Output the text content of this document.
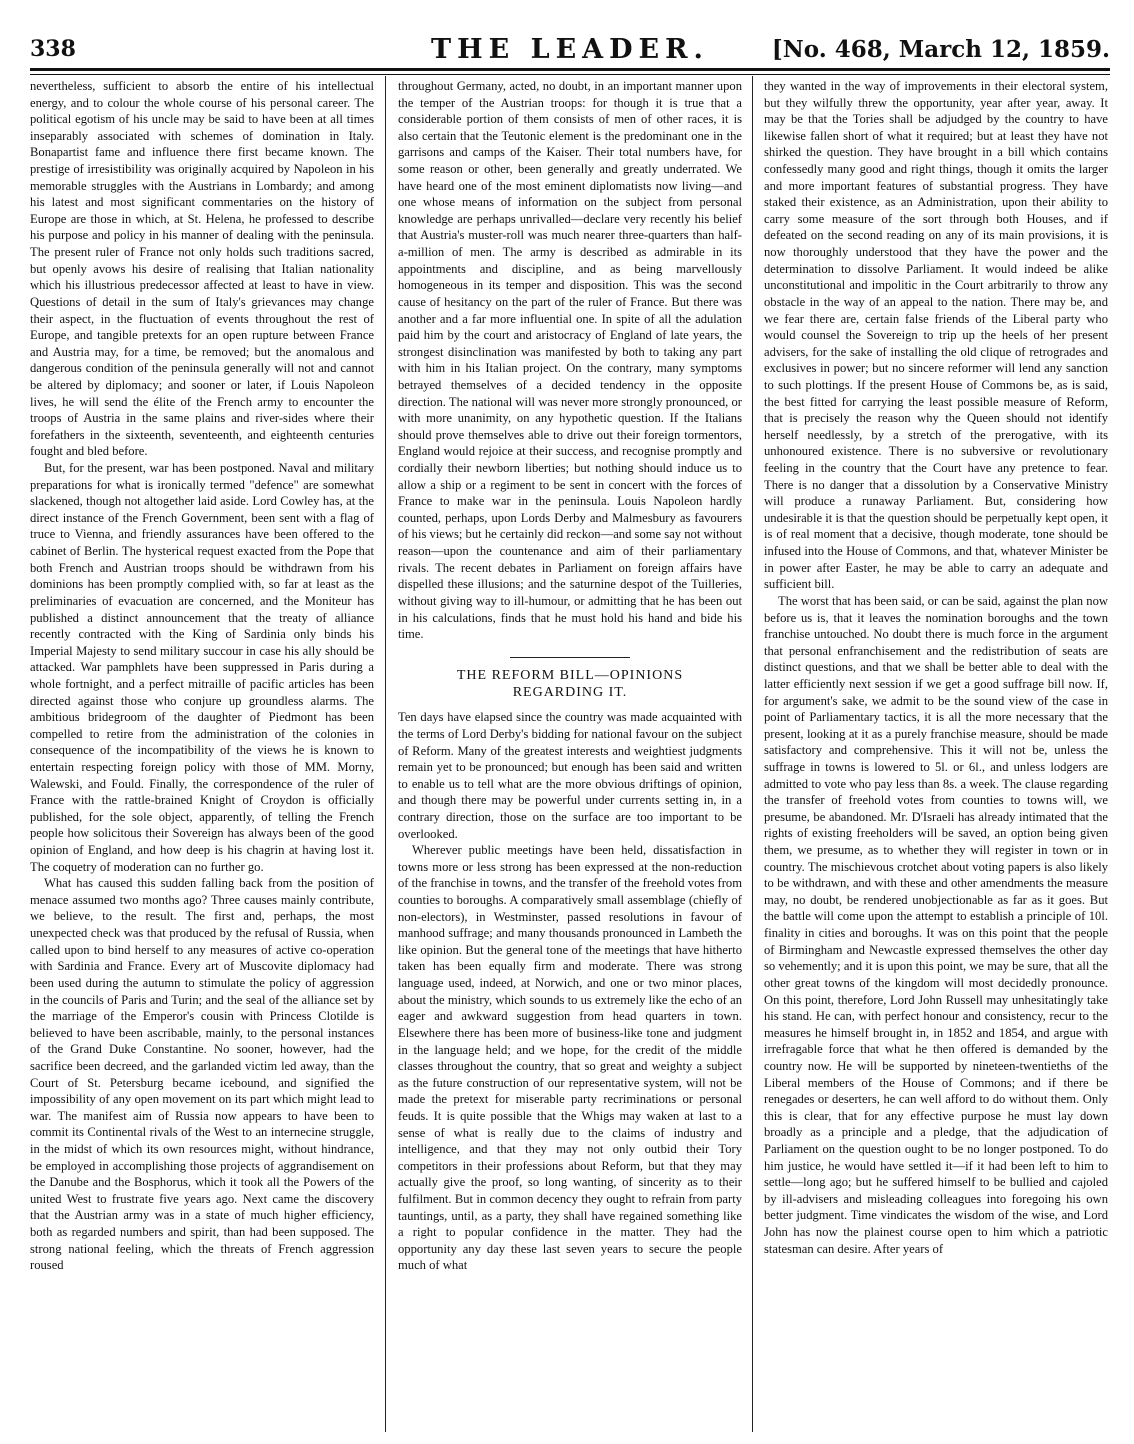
338	THE LEADER.	[No. 468, March 12, 1859.

nevertheless, sufficient to absorb the entire of his intellectual energy, and to colour the whole course of his personal career. The political egotism of his uncle may be said to have been at all times inseparably associated with schemes of domination in Italy. Bonapartist fame and influence there first became known. The prestige of irresistibility was originally acquired by Napoleon in his memorable struggles with the Austrians in Lombardy; and among his latest and most significant commentaries on the history of Europe are those in which, at St. Helena, he professed to describe his purpose and policy in his manner of dealing with the peninsula. The present ruler of France not only holds such traditions sacred, but openly avows his desire of realising that Italian nationality which his illustrious predecessor affected at least to have in view. Questions of detail in the sum of Italy's grievances may change their aspect, in the fluctuation of events throughout the rest of Europe, and tangible pretexts for an open rupture between France and Austria may, for a time, be removed; but the anomalous and dangerous condition of the peninsula generally will not and cannot be altered by diplomacy; and sooner or later, if Louis Napoleon lives, he will send the élite of the French army to encounter the troops of Austria in the same plains and river-sides where their forefathers in the sixteenth, seventeenth, and eighteenth centuries fought and bled before.

But, for the present, war has been postponed. Naval and military preparations for what is ironically termed "defence" are somewhat slackened, though not altogether laid aside. Lord Cowley has, at the direct instance of the French Government, been sent with a flag of truce to Vienna, and friendly assurances have been offered to the cabinet of Berlin. The hysterical request exacted from the Pope that both French and Austrian troops should be withdrawn from his dominions has been promptly complied with, so far at least as the preliminaries of evacuation are concerned, and the Moniteur has published a distinct announcement that the treaty of alliance recently contracted with the King of Sardinia only binds his Imperial Majesty to send military succour in case his ally should be attacked. War pamphlets have been suppressed in Paris during a whole fortnight, and a perfect mitraille of pacific articles has been directed against those who conjure up groundless alarms. The ambitious bridegroom of the daughter of Piedmont has been compelled to retire from the administration of the colonies in consequence of the incompatibility of the views he is known to entertain respecting foreign policy with those of MM. Morny, Walewski, and Fould. Finally, the correspondence of the ruler of France with the rattle-brained Knight of Croydon is officially published, for the sole object, apparently, of telling the French people how solicitous their Sovereign has always been of the good opinion of England, and how deep is his chagrin at having lost it. The coquetry of moderation can no further go.

What has caused this sudden falling back from the position of menace assumed two months ago? Three causes mainly contribute, we believe, to the result. The first and, perhaps, the most unexpected check was that produced by the refusal of Russia, when called upon to bind herself to any measures of active co-operation with Sardinia and France. Every art of Muscovite diplomacy had been used during the autumn to stimulate the policy of aggression in the councils of Paris and Turin; and the seal of the alliance set by the marriage of the Emperor's cousin with Princess Clotilde is believed to have been ascribable, mainly, to the personal instances of the Grand Duke Constantine. No sooner, however, had the sacrifice been decreed, and the garlanded victim led away, than the Court of St. Petersburg became icebound, and signified the impossibility of any open movement on its part which might lead to war. The manifest aim of Russia now appears to have been to commit its Continental rivals of the West to an internecine struggle, in the midst of which its own resources might, without hindrance, be employed in accomplishing those projects of aggrandisement on the Danube and the Bosphorus, which it took all the Powers of the united West to frustrate five years ago. Next came the discovery that the Austrian army was in a state of much higher efficiency, both as regarded numbers and spirit, than had been supposed. The strong national feeling, which the threats of French aggression roused

throughout Germany, acted, no doubt, in an important manner upon the temper of the Austrian troops: for though it is true that a considerable portion of them consists of men of other races, it is also certain that the Teutonic element is the predominant one in the garrisons and camps of the Kaiser. Their total numbers have, for some reason or other, been generally and greatly underrated. We have heard one of the most eminent diplomatists now living—and one whose means of information on the subject from personal knowledge are perhaps unrivalled—declare very recently his belief that Austria's muster-roll was much nearer three-quarters than half-a-million of men. The army is described as admirable in its appointments and discipline, and as being marvellously homogeneous in its temper and disposition. This was the second cause of hesitancy on the part of the ruler of France. But there was another and a far more influential one. In spite of all the adulation paid him by the court and aristocracy of England of late years, the strongest disinclination was manifested by both to taking any part with him in his Italian project. On the contrary, many symptoms betrayed themselves of a decided tendency in the opposite direction. The national will was never more strongly pronounced, or with more unanimity, on any hypothetic question. If the Italians should prove themselves able to drive out their foreign tormentors, England would rejoice at their success, and recognise promptly and cordially their newborn liberties; but nothing should induce us to allow a ship or a regiment to be sent in concert with the forces of France to make war in the peninsula. Louis Napoleon hardly counted, perhaps, upon Lords Derby and Malmesbury as favourers of his views; but he certainly did reckon—and some say not without reason—upon the countenance and aim of their parliamentary rivals. The recent debates in Parliament on foreign affairs have dispelled these illusions; and the saturnine despot of the Tuilleries, without giving way to ill-humour, or admitting that he has been out in his calculations, finds that he must hold his hand and bide his time.

THE REFORM BILL—OPINIONS
REGARDING IT.

Ten days have elapsed since the country was made acquainted with the terms of Lord Derby's bidding for national favour on the subject of Reform. Many of the greatest interests and weightiest judgments remain yet to be pronounced; but enough has been said and written to enable us to tell what are the more obvious driftings of opinion, and though there may be powerful under currents setting in, in a contrary direction, those on the surface are too important to be overlooked.

Wherever public meetings have been held, dissatisfaction in towns more or less strong has been expressed at the non-reduction of the franchise in towns, and the transfer of the freehold votes from counties to boroughs. A comparatively small assemblage (chiefly of non-electors), in Westminster, passed resolutions in favour of manhood suffrage; and many thousands pronounced in Lambeth the like opinion. But the general tone of the meetings that have hitherto taken has been equally firm and moderate. There was strong language used, indeed, at Norwich, and one or two minor places, about the ministry, which sounds to us extremely like the echo of an eager and awkward suggestion from head quarters in town. Elsewhere there has been more of business-like tone and judgment in the language held; and we hope, for the credit of the middle classes throughout the country, that so great and weighty a subject as the future construction of our representative system, will not be made the pretext for miserable party recriminations or personal feuds. It is quite possible that the Whigs may waken at last to a sense of what is really due to the claims of industry and intelligence, and that they may not only outbid their Tory competitors in their professions about Reform, but that they may actually give the proof, so long wanting, of sincerity as to their fulfilment. But in common decency they ought to refrain from party tauntings, until, as a party, they shall have regained something like a right to popular confidence in the matter. They had the opportunity any day these last seven years to secure the people much of what

they wanted in the way of improvements in their electoral system, but they wilfully threw the opportunity, year after year, away. It may be that the Tories shall be adjudged by the country to have likewise fallen short of what it required; but at least they have not shirked the question. They have brought in a bill which contains confessedly many good and right things, though it omits the larger and more important features of substantial progress. They have staked their existence, as an Administration, upon their ability to carry some measure of the sort through both Houses, and if defeated on the second reading on any of its main provisions, it is now thoroughly understood that they have the power and the determination to dissolve Parliament. It would indeed be alike unconstitutional and impolitic in the Court arbitrarily to throw any obstacle in the way of an appeal to the nation. There may be, and we fear there are, certain false friends of the Liberal party who would counsel the Sovereign to trip up the heels of her present advisers, for the sake of installing the old clique of retrogrades and exclusives in power; but no sincere reformer will lend any sanction to such plottings. If the present House of Commons be, as is said, the best fitted for carrying the least possible measure of Reform, that is precisely the reason why the Queen should not identify herself needlessly, by a stretch of the prerogative, with its unhonoured existence. There is no subversive or revolutionary feeling in the country that the Court have any pretence to fear. There is no danger that a dissolution by a Conservative Ministry will produce a runaway Parliament. But, considering how undesirable it is that the question should be perpetually kept open, it is of real moment that a decisive, though moderate, tone should be infused into the House of Commons, and that, whatever Minister be in power after Easter, he may be able to carry an adequate and sufficient bill.

The worst that has been said, or can be said, against the plan now before us is, that it leaves the nomination boroughs and the town franchise untouched. No doubt there is much force in the argument that personal enfranchisement and the redistribution of seats are distinct questions, and that we shall be better able to deal with the latter efficiently next session if we get a good suffrage bill now. If, for argument's sake, we admit to be the sound view of the case in point of Parliamentary tactics, it is all the more necessary that the present, looking at it as a purely franchise measure, should be made satisfactory and comprehensive. This it will not be, unless the suffrage in towns is lowered to 5l. or 6l., and unless lodgers are admitted to vote who pay less than 8s. a week. The clause regarding the transfer of freehold votes from counties to towns will, we presume, be abandoned. Mr. D'Israeli has already intimated that the rights of existing freeholders will be saved, an option being given them, we presume, as to whether they will register in town or in country. The mischievous crotchet about voting papers is also likely to be withdrawn, and with these and other amendments the measure may, no doubt, be rendered unobjectionable as far as it goes. But the battle will come upon the attempt to establish a principle of 10l. finality in cities and boroughs. It was on this point that the people of Birmingham and Newcastle expressed themselves the other day so vehemently; and it is upon this point, we may be sure, that all the other great towns of the kingdom will most decidedly pronounce. On this point, therefore, Lord John Russell may unhesitatingly take his stand. He can, with perfect honour and consistency, recur to the measures he himself brought in, in 1852 and 1854, and argue with irrefragable force that what he then offered is demanded by the country now. He will be supported by nineteen-twentieths of the Liberal members of the House of Commons; and if there be renegades or deserters, he can well afford to do without them. Only this is clear, that for any effective purpose he must lay down broadly as a principle and a pledge, that the adjudication of Parliament on the question ought to be no longer postponed. To do him justice, he would have settled it—if it had been left to him to settle—long ago; but he suffered himself to be bullied and cajoled by ill-advisers and misleading colleagues into foregoing his own better judgment. Time vindicates the wisdom of the wise, and Lord John has now the plainest course open to him which a patriotic statesman can desire. After years of
